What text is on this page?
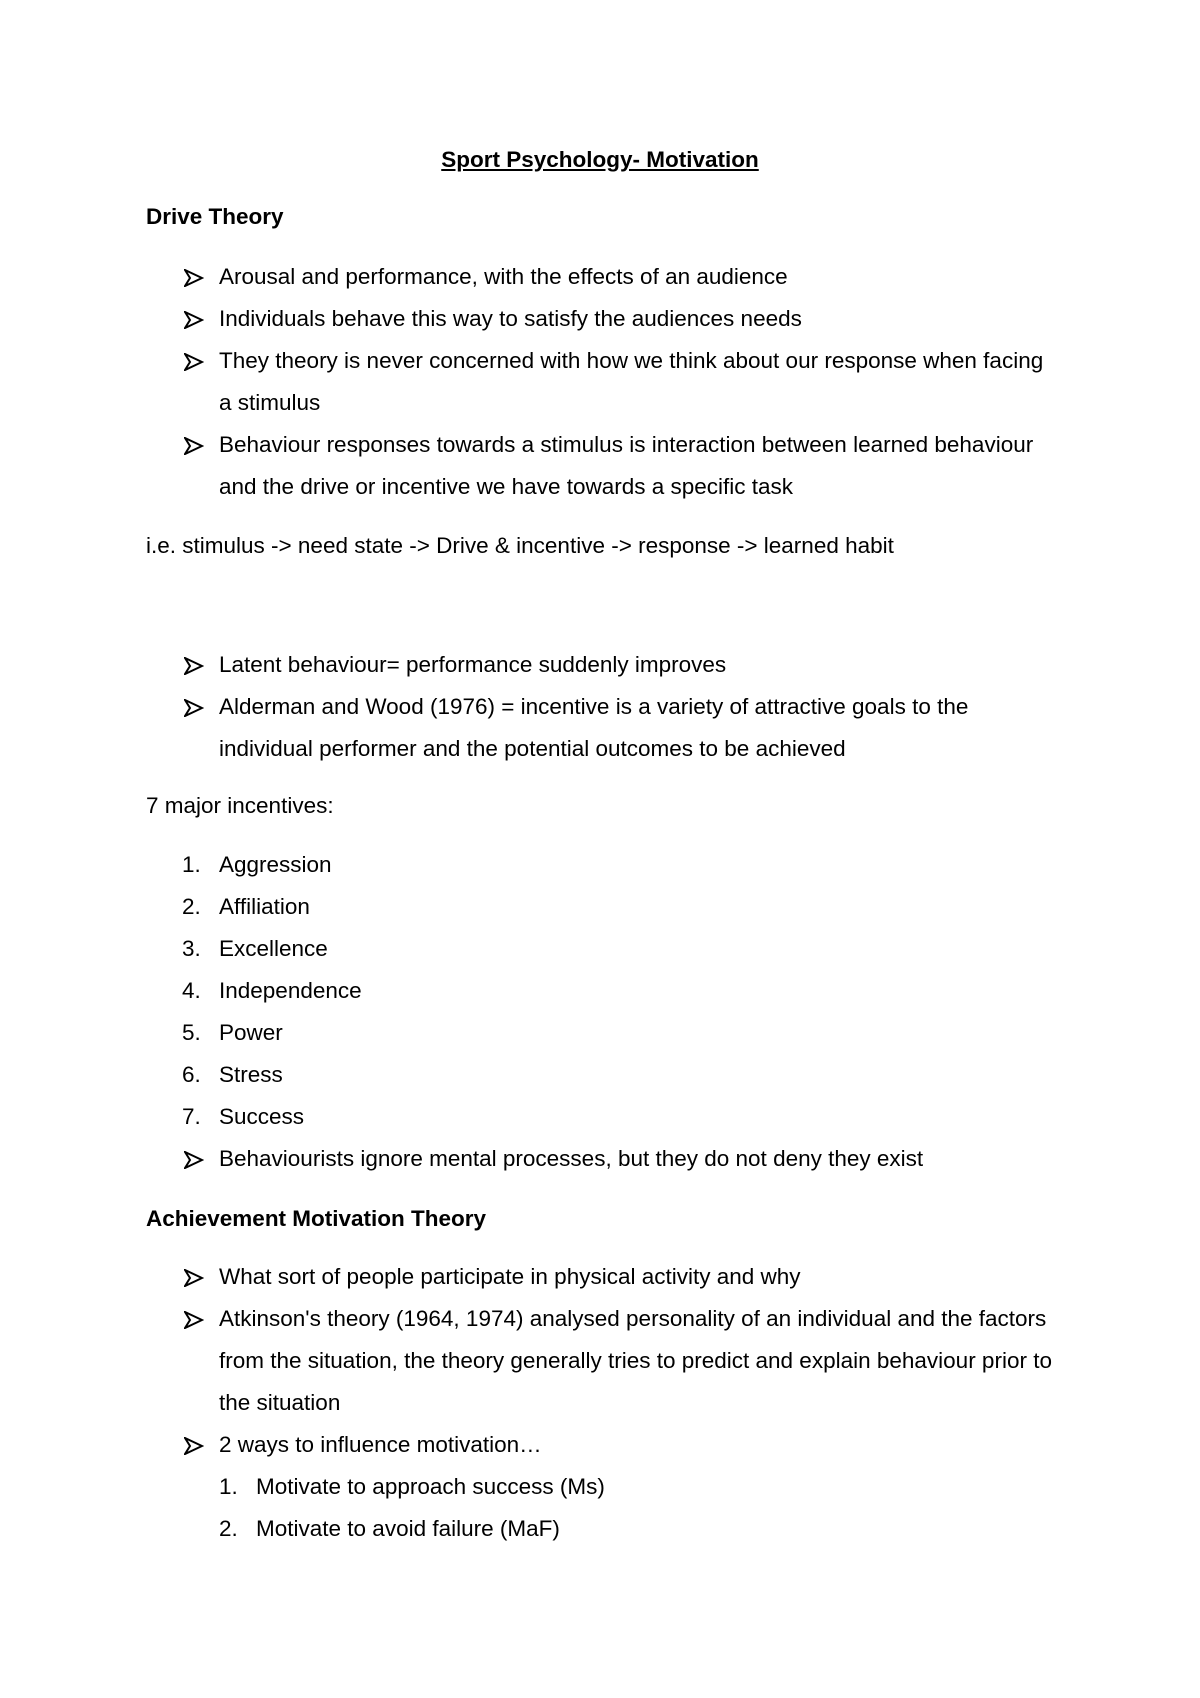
Sport Psychology- Motivation
Drive Theory
Arousal and performance, with the effects of an audience
Individuals behave this way to satisfy the audiences needs
They theory is never concerned with how we think about our response when facing a stimulus
Behaviour responses towards a stimulus is interaction between learned behaviour and the drive or incentive we have towards a specific task
i.e. stimulus -> need state -> Drive & incentive -> response -> learned habit
Latent behaviour= performance suddenly improves
Alderman and Wood (1976) = incentive is a variety of attractive goals to the individual performer and the potential outcomes to be achieved
7 major incentives:
1. Aggression
2. Affiliation
3. Excellence
4. Independence
5. Power
6. Stress
7. Success
Behaviourists ignore mental processes, but they do not deny they exist
Achievement Motivation Theory
What sort of people participate in physical activity and why
Atkinson's theory (1964, 1974) analysed personality of an individual and the factors from the situation, the theory generally tries to predict and explain behaviour prior to the situation
2 ways to influence motivation…
1. Motivate to approach success (Ms)
2. Motivate to avoid failure (MaF)
